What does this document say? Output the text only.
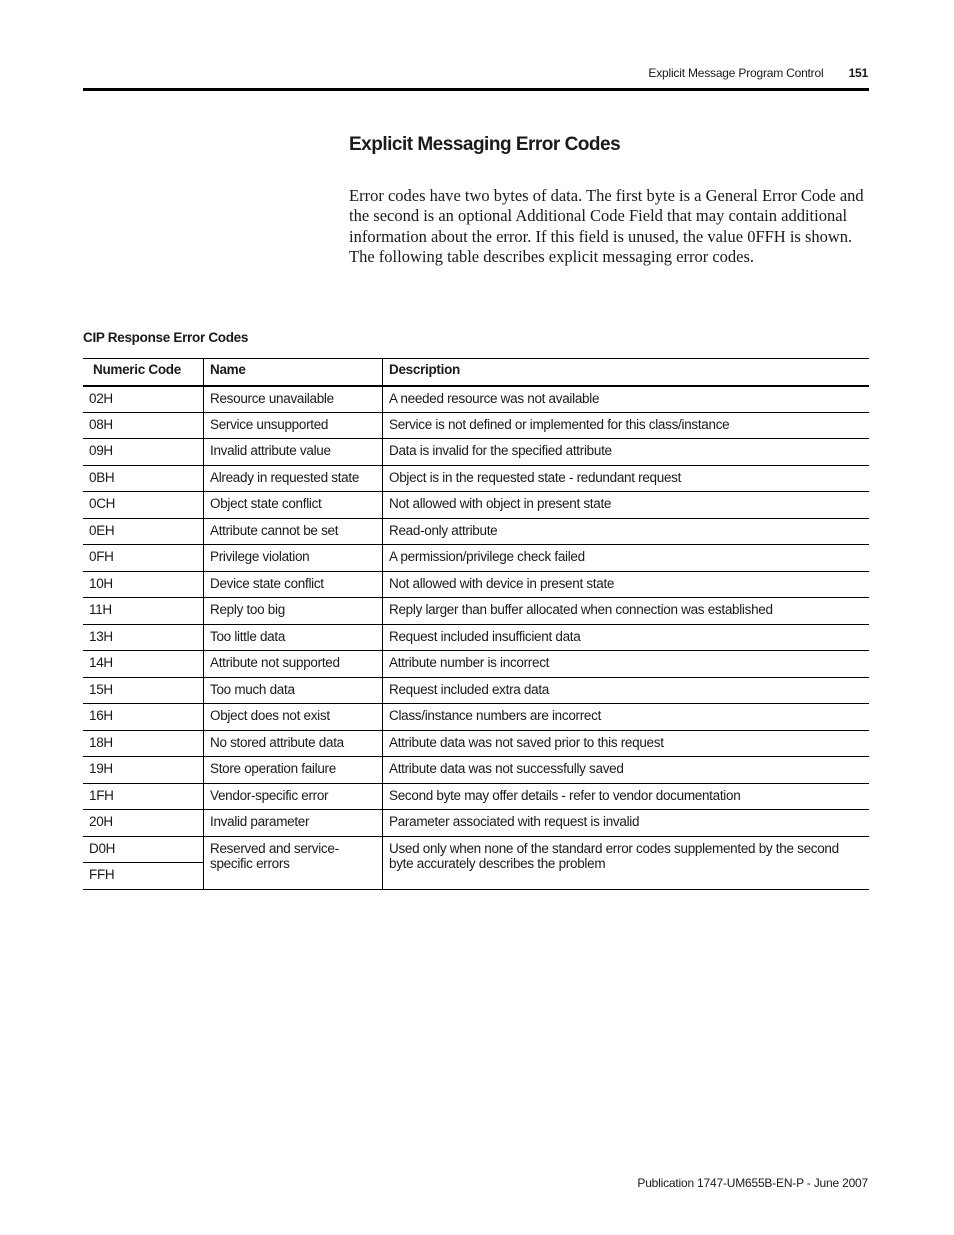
Explicit Message Program Control 151
Explicit Messaging Error Codes

Error codes have two bytes of data. The first byte is a General Error Code and the second is an optional Additional Code Field that may contain additional information about the error. If this field is unused, the value 0FFH is shown. The following table describes explicit messaging error codes.

CIP Response Error Codes

Numeric Code	Name	Description
02H	Resource unavailable	A needed resource was not available
08H	Service unsupported	Service is not defined or implemented for this class/instance
09H	Invalid attribute value	Data is invalid for the specified attribute
0BH	Already in requested state	Object is in the requested state - redundant request
0CH	Object state conflict	Not allowed with object in present state
0EH	Attribute cannot be set	Read-only attribute
0FH	Privilege violation	A permission/privilege check failed
10H	Device state conflict	Not allowed with device in present state
11H	Reply too big	Reply larger than buffer allocated when connection was established
13H	Too little data	Request included insufficient data
14H	Attribute not supported	Attribute number is incorrect
15H	Too much data	Request included extra data
16H	Object does not exist	Class/instance numbers are incorrect
18H	No stored attribute data	Attribute data was not saved prior to this request
19H	Store operation failure	Attribute data was not successfully saved
1FH	Vendor-specific error	Second byte may offer details - refer to vendor documentation
20H	Invalid parameter	Parameter associated with request is invalid
D0H	Reserved and service-specific errors	Used only when none of the standard error codes supplemented by the second byte accurately describes the problem
FFH		
Publication 1747-UM655B-EN-P - June 2007
